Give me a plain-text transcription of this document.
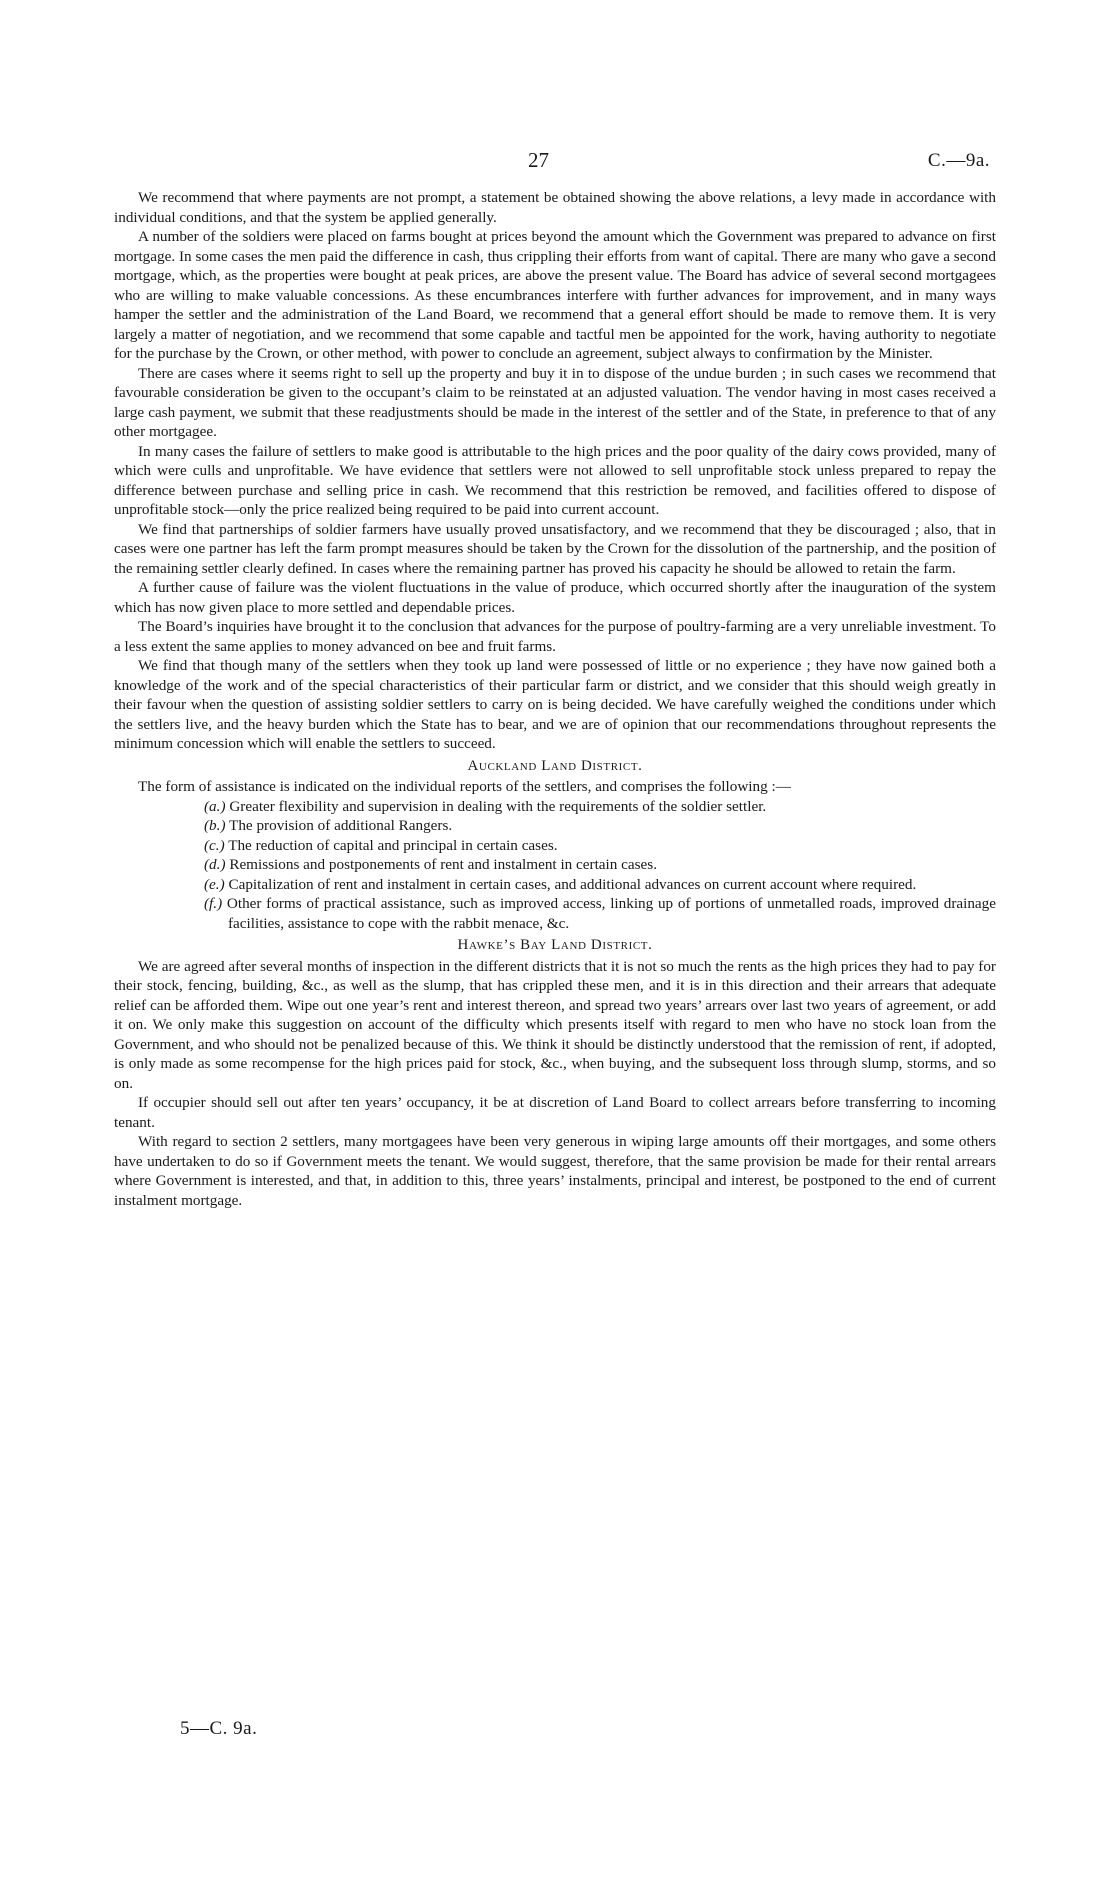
27	C.—9a.

We recommend that where payments are not prompt, a statement be obtained showing the above relations, a levy made in accordance with individual conditions, and that the system be applied generally.

A number of the soldiers were placed on farms bought at prices beyond the amount which the Government was prepared to advance on first mortgage. In some cases the men paid the difference in cash, thus crippling their efforts from want of capital. There are many who gave a second mortgage, which, as the properties were bought at peak prices, are above the present value. The Board has advice of several second mortgagees who are willing to make valuable concessions. As these encumbrances interfere with further advances for improvement, and in many ways hamper the settler and the administration of the Land Board, we recommend that a general effort should be made to remove them. It is very largely a matter of negotiation, and we recommend that some capable and tactful men be appointed for the work, having authority to negotiate for the purchase by the Crown, or other method, with power to conclude an agreement, subject always to confirmation by the Minister.

There are cases where it seems right to sell up the property and buy it in to dispose of the undue burden ; in such cases we recommend that favourable consideration be given to the occupant’s claim to be reinstated at an adjusted valuation. The vendor having in most cases received a large cash payment, we submit that these readjustments should be made in the interest of the settler and of the State, in preference to that of any other mortgagee.

In many cases the failure of settlers to make good is attributable to the high prices and the poor quality of the dairy cows provided, many of which were culls and unprofitable. We have evidence that settlers were not allowed to sell unprofitable stock unless prepared to repay the difference between purchase and selling price in cash. We recommend that this restriction be removed, and facilities offered to dispose of unprofitable stock—only the price realized being required to be paid into current account.

We find that partnerships of soldier farmers have usually proved unsatisfactory, and we recommend that they be discouraged ; also, that in cases were one partner has left the farm prompt measures should be taken by the Crown for the dissolution of the partnership, and the position of the remaining settler clearly defined. In cases where the remaining partner has proved his capacity he should be allowed to retain the farm.

A further cause of failure was the violent fluctuations in the value of produce, which occurred shortly after the inauguration of the system which has now given place to more settled and dependable prices.

The Board’s inquiries have brought it to the conclusion that advances for the purpose of poultry-farming are a very unreliable investment. To a less extent the same applies to money advanced on bee and fruit farms.

We find that though many of the settlers when they took up land were possessed of little or no experience ; they have now gained both a knowledge of the work and of the special characteristics of their particular farm or district, and we consider that this should weigh greatly in their favour when the question of assisting soldier settlers to carry on is being decided. We have carefully weighed the conditions under which the settlers live, and the heavy burden which the State has to bear, and we are of opinion that our recommendations throughout represents the minimum concession which will enable the settlers to succeed.

Auckland Land District.

The form of assistance is indicated on the individual reports of the settlers, and comprises the following :—

(a.) Greater flexibility and supervision in dealing with the requirements of the soldier settler.
(b.) The provision of additional Rangers.
(c.) The reduction of capital and principal in certain cases.
(d.) Remissions and postponements of rent and instalment in certain cases.
(e.) Capitalization of rent and instalment in certain cases, and additional advances on current account where required.
(f.) Other forms of practical assistance, such as improved access, linking up of portions of unmetalled roads, improved drainage facilities, assistance to cope with the rabbit menace, &c.
Hawke’s Bay Land District.

We are agreed after several months of inspection in the different districts that it is not so much the rents as the high prices they had to pay for their stock, fencing, building, &c., as well as the slump, that has crippled these men, and it is in this direction and their arrears that adequate relief can be afforded them. Wipe out one year’s rent and interest thereon, and spread two years’ arrears over last two years of agreement, or add it on. We only make this suggestion on account of the difficulty which presents itself with regard to men who have no stock loan from the Government, and who should not be penalized because of this. We think it should be distinctly understood that the remission of rent, if adopted, is only made as some recompense for the high prices paid for stock, &c., when buying, and the subsequent loss through slump, storms, and so on.

If occupier should sell out after ten years’ occupancy, it be at discretion of Land Board to collect arrears before transferring to incoming tenant.

With regard to section 2 settlers, many mortgagees have been very generous in wiping large amounts off their mortgages, and some others have undertaken to do so if Government meets the tenant. We would suggest, therefore, that the same provision be made for their rental arrears where Government is interested, and that, in addition to this, three years’ instalments, principal and interest, be postponed to the end of current instalment mortgage.

5—C. 9a.
